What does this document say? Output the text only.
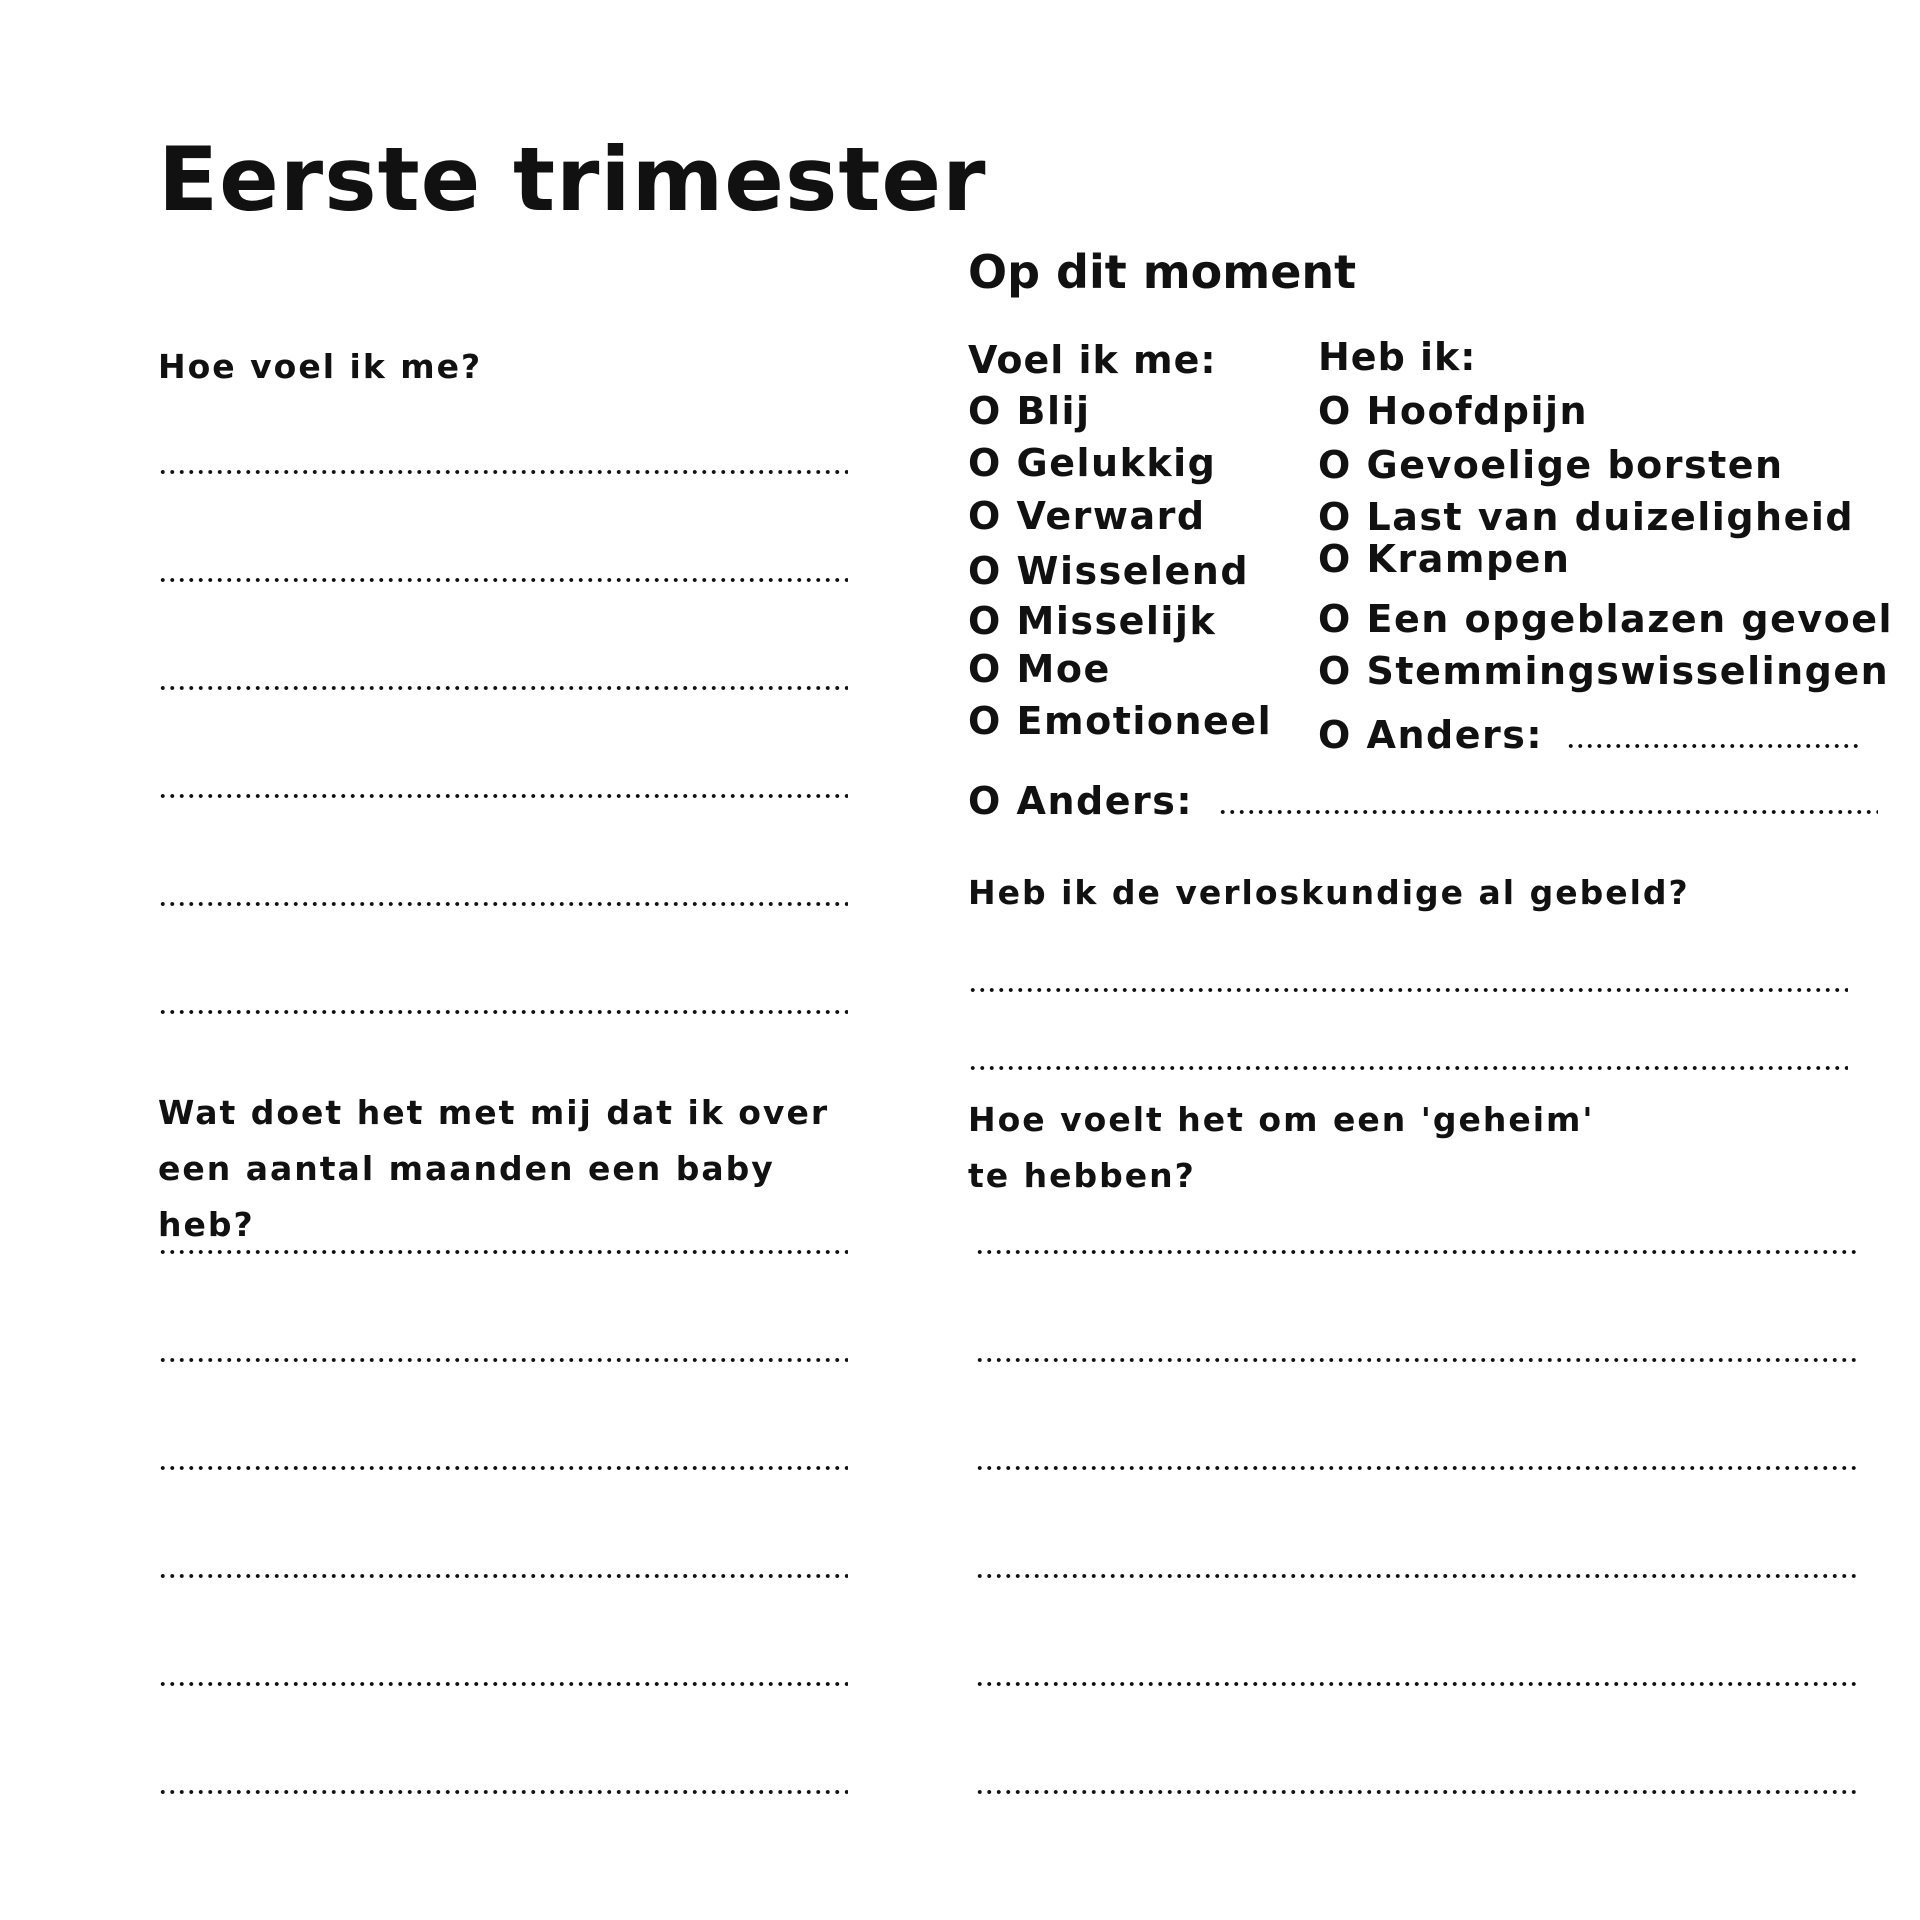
Eerste trimester
Hoe voel ik me?
Wat doet het met mij dat ik over een aantal maanden een baby heb?
Op dit moment
Voel ik me:
O Blij
O Gelukkig
O Verward
O Wisselend
O Misselijk
O Moe
O Emotioneel
Heb ik:
O Hoofdpijn
O Gevoelige borsten
O Last van duizeligheid
O Krampen
O Een opgeblazen gevoel
O Stemmingswisselingen
O Anders:
O Anders:
Heb ik de verloskundige al gebeld?
Hoe voelt het om een 'geheim' te hebben?
